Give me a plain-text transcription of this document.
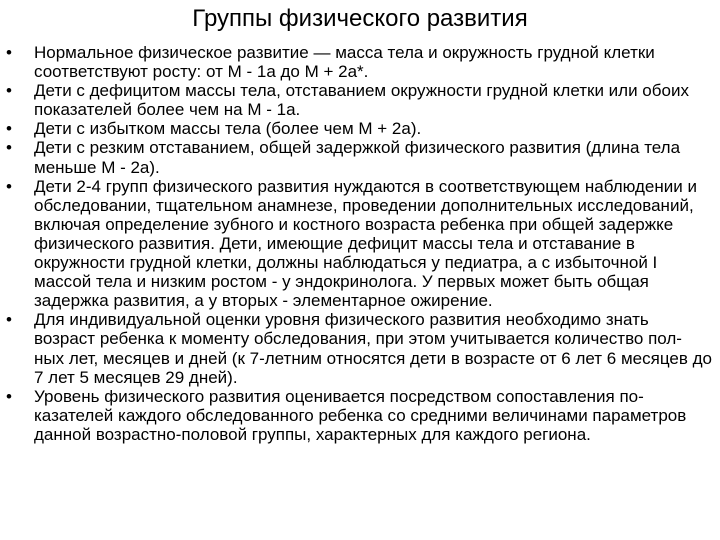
Группы физического развития
•	Нормальное физическое развитие — масса тела и окружность грудной клетки соответствуют росту: от М - 1а до М + 2а*.
•	Дети с дефицитом массы тела, отставанием окружности грудной клетки или обоих показателей более чем на М - 1а.
•	Дети с избытком массы тела (более чем М + 2а).
•	Дети с резким отставанием, общей задержкой физического развития (длина тела меньше М - 2а).
•	Дети 2-4 групп физического развития нуждаются в соответствующем наблюдении и обследовании, тщательном анамнезе, проведении дополнительных исследований, включая определение зубного и костного возраста ребенка при общей задержке физического развития. Дети, имеющие дефицит массы тела и отставание в окружности грудной клетки, должны наблюдаться у педиатра, а с избыточной I массой тела и низким ростом - у эндокринолога. У первых может быть общая задержка развития, а у вторых - элементарное ожирение.
•	Для индивидуальной оценки уровня физического развития необходимо знать возраст ребенка к моменту обследования, при этом учитывается количество пол-ных лет, месяцев и дней (к 7-летним относятся дети в возрасте от 6 лет 6 месяцев до 7 лет 5 месяцев 29 дней).
•	Уровень физического развития оценивается посредством сопоставления по-казателей каждого обследованного ребенка со средними величинами параметров данной возрастно-половой группы, характерных для каждого региона.
